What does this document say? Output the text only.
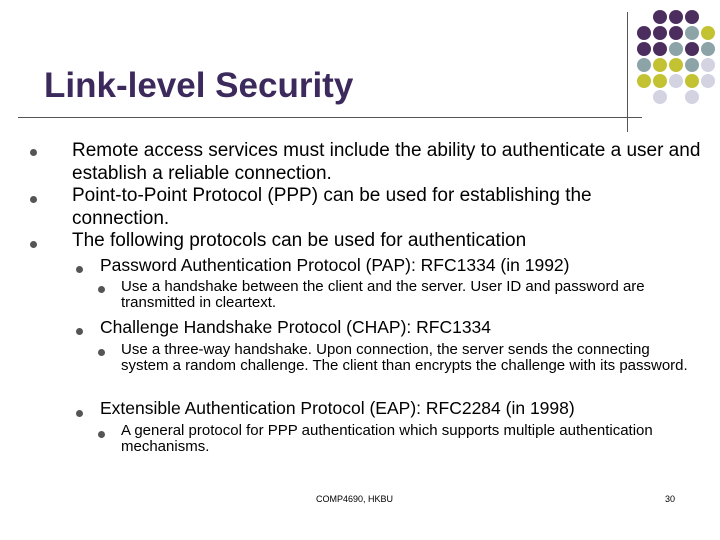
Link-level Security
Remote access services must include the ability to authenticate a user and establish a reliable connection.
Point-to-Point Protocol (PPP) can be used for establishing the connection.
The following protocols can be used for authentication
Password Authentication Protocol (PAP): RFC1334 (in 1992)
Use a handshake between the client and the server. User ID and password are transmitted in cleartext.
Challenge Handshake Protocol (CHAP): RFC1334
Use a three-way handshake. Upon connection, the server sends the connecting system a random challenge. The client than encrypts the challenge with its password.
Extensible Authentication Protocol (EAP): RFC2284 (in 1998)
A general protocol for PPP authentication which supports multiple authentication mechanisms.
COMP4690, HKBU	30
